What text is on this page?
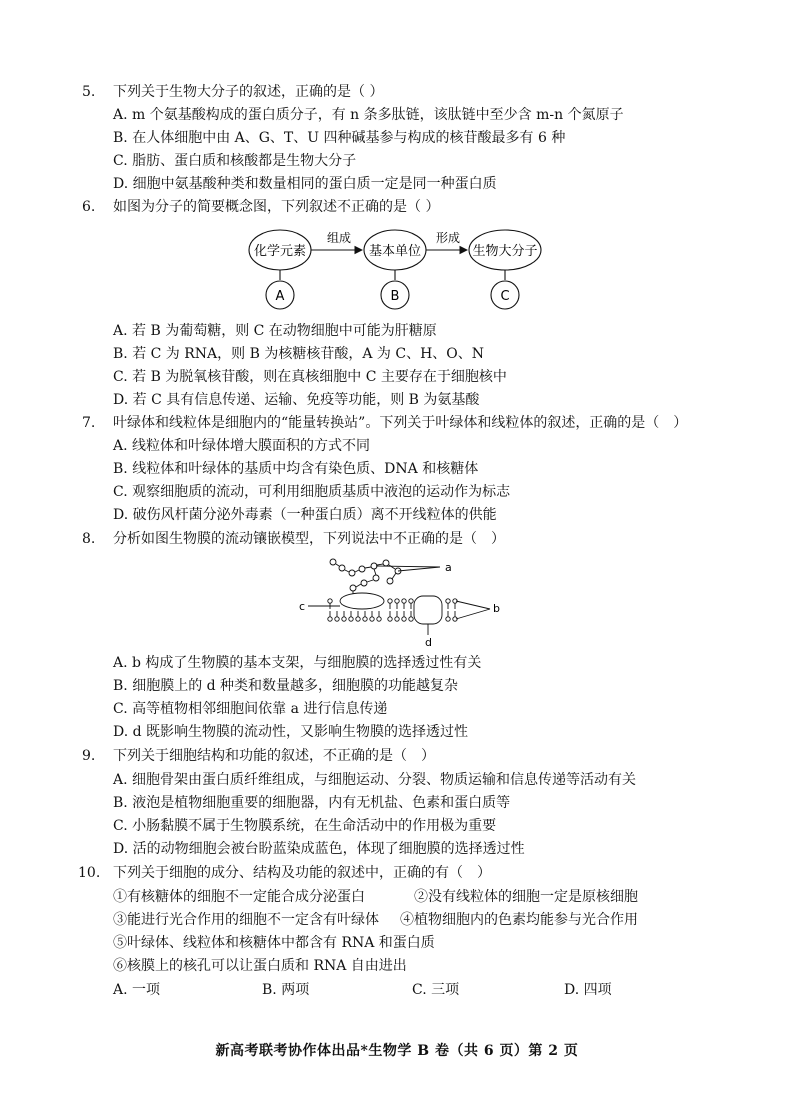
5. 下列关于生物大分子的叙述，正确的是（ ）
A. m 个氨基酸构成的蛋白质分子，有 n 条多肽链，该肽链中至少含 m-n 个氮原子
B. 在人体细胞中由 A、G、T、U 四种碱基参与构成的核苷酸最多有 6 种
C. 脂肪、蛋白质和核酸都是生物大分子
D. 细胞中氨基酸种类和数量相同的蛋白质一定是同一种蛋白质
6. 如图为分子的简要概念图，下列叙述不正确的是（ ）
化学元素	基本单位	生物大分子
组成	形成
A	B	C
A. 若 B 为葡萄糖，则 C 在动物细胞中可能为肝糖原
B. 若 C 为 RNA，则 B 为核糖核苷酸，A 为 C、H、O、N
C. 若 B 为脱氧核苷酸，则在真核细胞中 C 主要存在于细胞核中
D. 若 C 具有信息传递、运输、免疫等功能，则 B 为氨基酸
7. 叶绿体和线粒体是细胞内的“能量转换站”。下列关于叶绿体和线粒体的叙述，正确的是（　）
A. 线粒体和叶绿体增大膜面积的方式不同
B. 线粒体和叶绿体的基质中均含有染色质、DNA 和核糖体
C. 观察细胞质的流动，可利用细胞质基质中液泡的运动作为标志
D. 破伤风杆菌分泌外毒素（一种蛋白质）离不开线粒体的供能
8. 分析如图生物膜的流动镶嵌模型，下列说法中不正确的是（　）
a
b
c
d
A. b 构成了生物膜的基本支架，与细胞膜的选择透过性有关
B. 细胞膜上的 d 种类和数量越多，细胞膜的功能越复杂
C. 高等植物相邻细胞间依靠 a 进行信息传递
D. d 既影响生物膜的流动性，又影响生物膜的选择透过性
9. 下列关于细胞结构和功能的叙述，不正确的是（　）
A. 细胞骨架由蛋白质纤维组成，与细胞运动、分裂、物质运输和信息传递等活动有关
B. 液泡是植物细胞重要的细胞器，内有无机盐、色素和蛋白质等
C. 小肠黏膜不属于生物膜系统，在生命活动中的作用极为重要
D. 活的动物细胞会被台盼蓝染成蓝色，体现了细胞膜的选择透过性
10. 下列关于细胞的成分、结构及功能的叙述中，正确的有（　）
①有核糖体的细胞不一定能合成分泌蛋白	②没有线粒体的细胞一定是原核细胞
③能进行光合作用的细胞不一定含有叶绿体 ④植物细胞内的色素均能参与光合作用
⑤叶绿体、线粒体和核糖体中都含有 RNA 和蛋白质
⑥核膜上的核孔可以让蛋白质和 RNA 自由进出
A. 一项	B. 两项	C. 三项	D. 四项
新高考联考协作体出品*生物学 B 卷（共 6 页）第 2 页
